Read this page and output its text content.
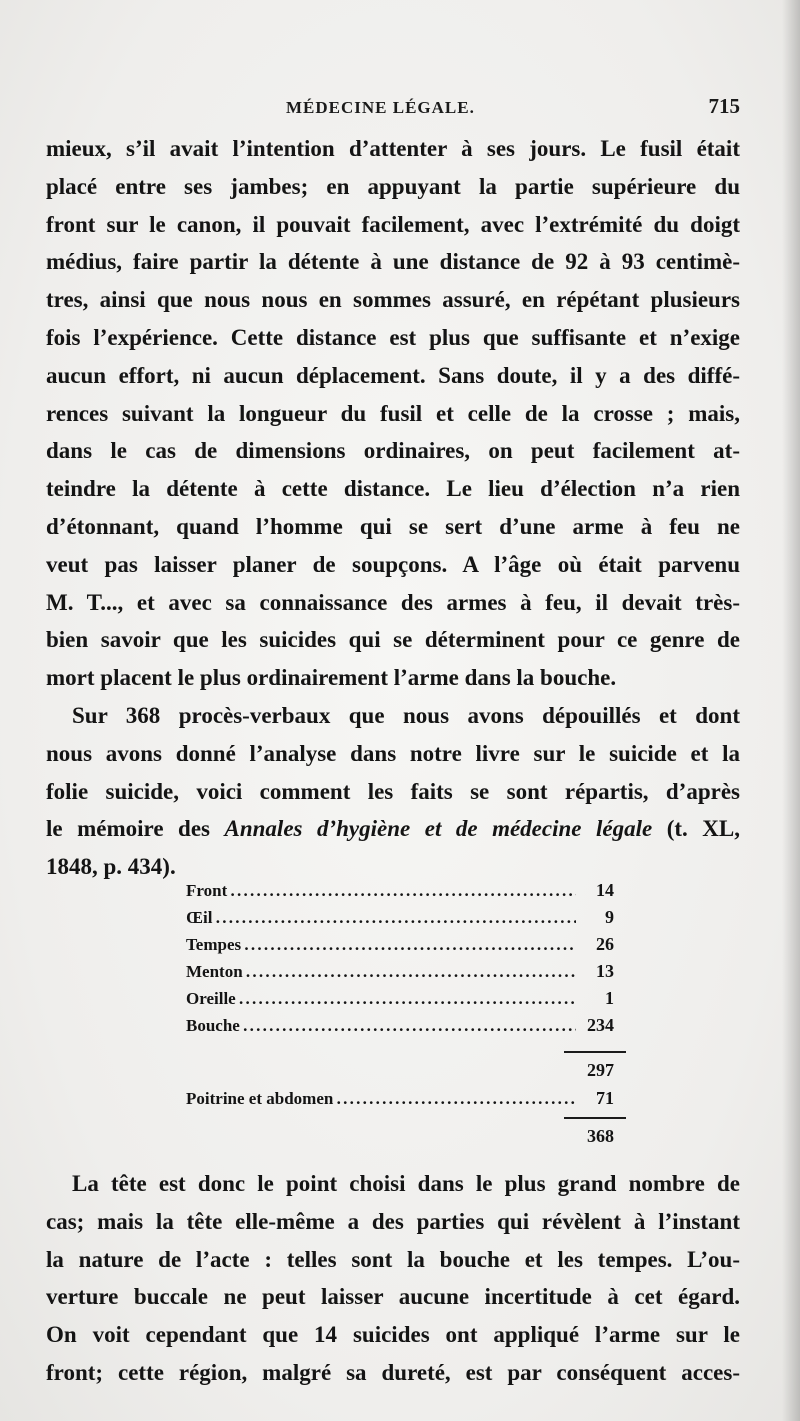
MÉDECINE LÉGALE.	715
mieux, s’il avait l’intention d’attenter à ses jours. Le fusil était
placé entre ses jambes; en appuyant la partie supérieure du
front sur le canon, il pouvait facilement, avec l’extrémité du doigt
médius, faire partir la détente à une distance de 92 à 93 centimè-
tres, ainsi que nous nous en sommes assuré, en répétant plusieurs
fois l’expérience. Cette distance est plus que suffisante et n’exige
aucun effort, ni aucun déplacement. Sans doute, il y a des diffé-
rences suivant la longueur du fusil et celle de la crosse ; mais,
dans le cas de dimensions ordinaires, on peut facilement at-
teindre la détente à cette distance. Le lieu d’élection n’a rien
d’étonnant, quand l’homme qui se sert d’une arme à feu ne
veut pas laisser planer de soupçons. A l’âge où était parvenu
M. T..., et avec sa connaissance des armes à feu, il devait très-
bien savoir que les suicides qui se déterminent pour ce genre de
mort placent le plus ordinairement l’arme dans la bouche.
Sur 368 procès-verbaux que nous avons dépouillés et dont
nous avons donné l’analyse dans notre livre sur le suicide et la
folie suicide, voici comment les faits se sont répartis, d’après
le mémoire des Annales d’hygiène et de médecine légale (t. XL,
1848, p. 434).
Front . . .	14
Œil . . .	9
Tempes . . .	26
Menton . . .	13
Oreille . . .	1
Bouche . . .	234
297
Poitrine et abdomen . . .	71
368
La tête est donc le point choisi dans le plus grand nombre de
cas; mais la tête elle-même a des parties qui révèlent à l’instant
la nature de l’acte : telles sont la bouche et les tempes. L’ou-
verture buccale ne peut laisser aucune incertitude à cet égard.
On voit cependant que 14 suicides ont appliqué l’arme sur le
front; cette région, malgré sa dureté, est par conséquent acces-
